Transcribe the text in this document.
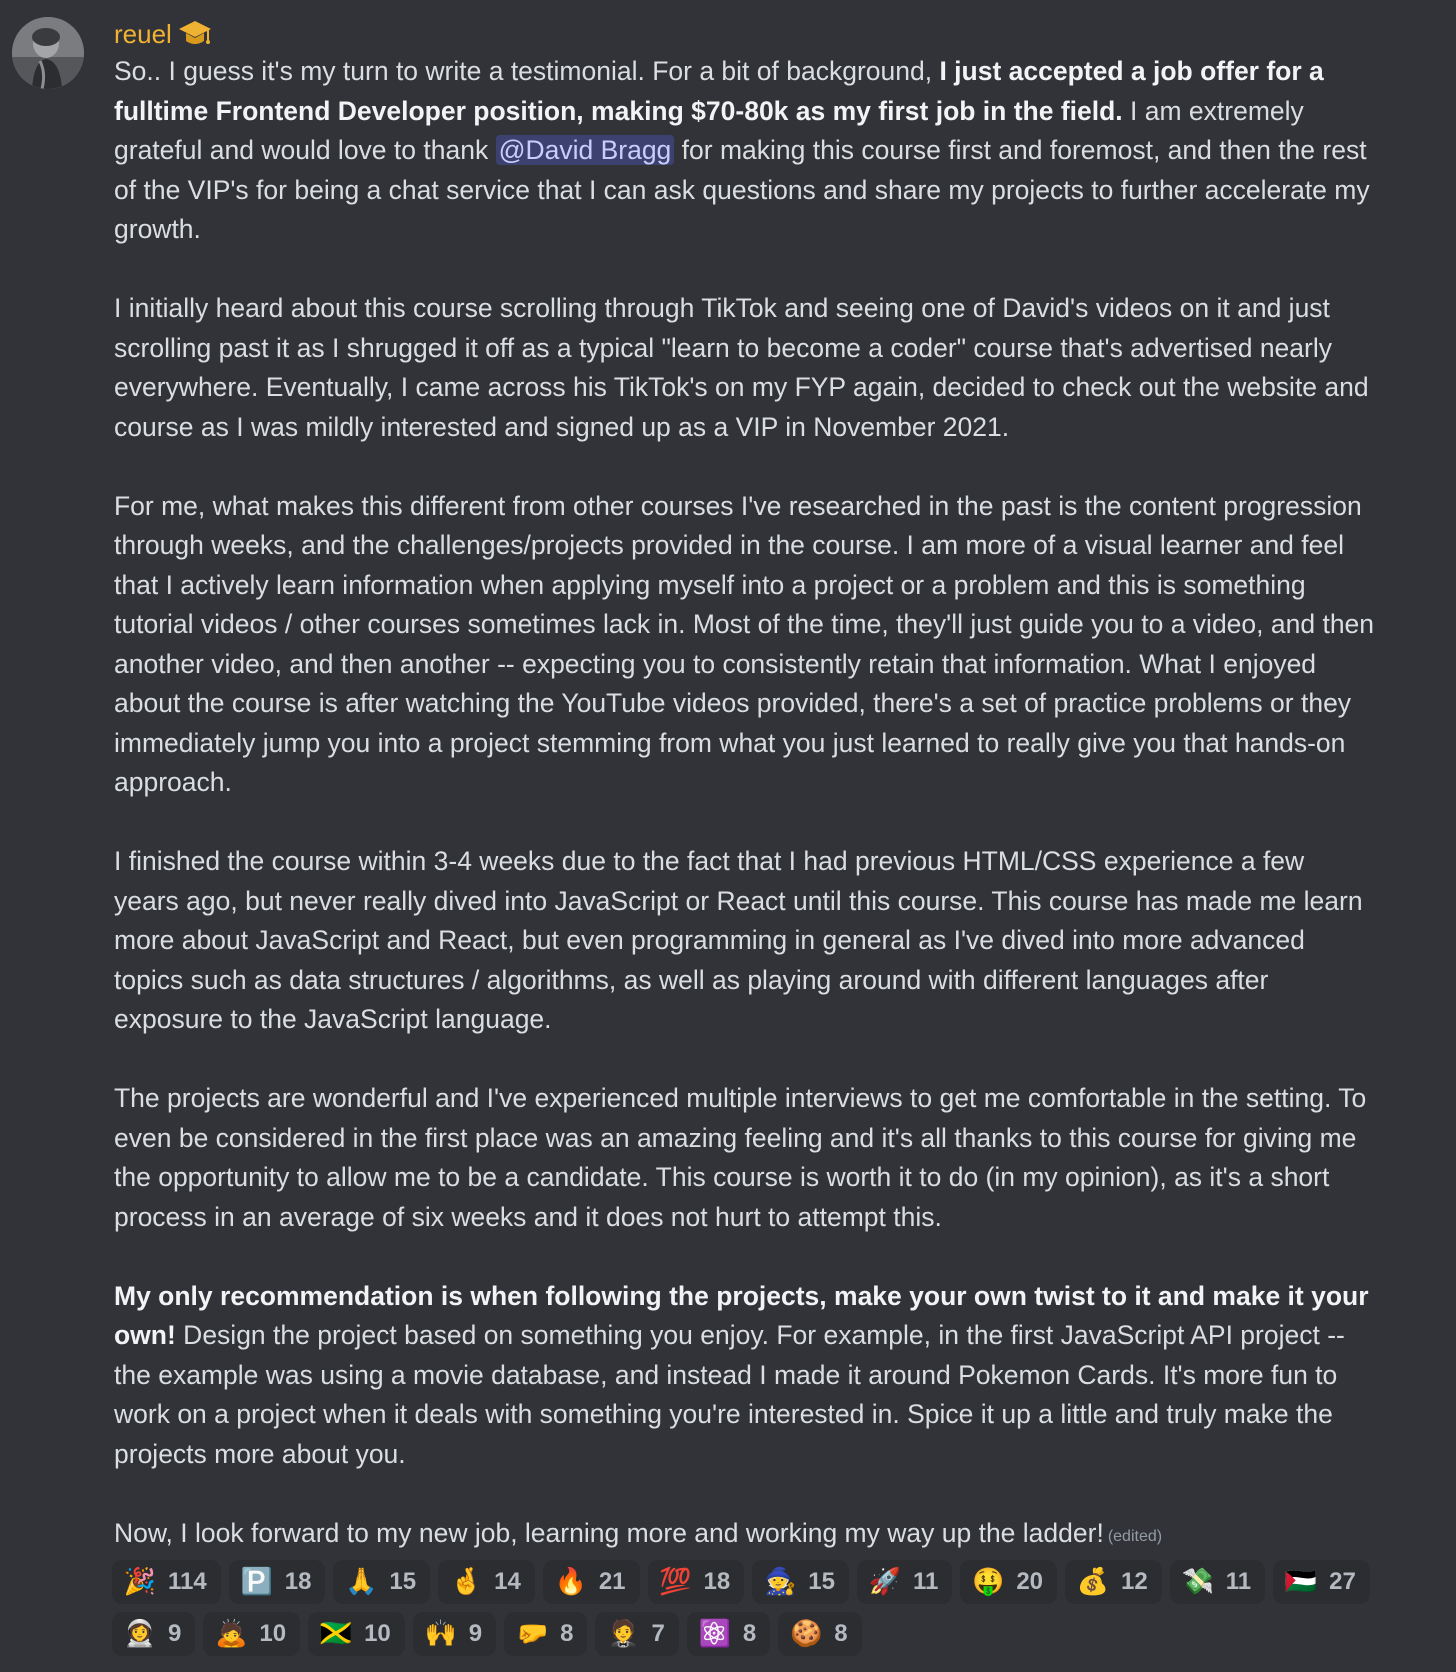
reuel

So.. I guess it's my turn to write a testimonial. For a bit of background, I just accepted a job offer for a fulltime Frontend Developer position, making $70-80k as my first job in the field. I am extremely grateful and would love to thank @David Bragg for making this course first and foremost, and then the rest of the VIP's for being a chat service that I can ask questions and share my projects to further accelerate my growth.

I initially heard about this course scrolling through TikTok and seeing one of David's videos on it and just scrolling past it as I shrugged it off as a typical "learn to become a coder" course that's advertised nearly everywhere. Eventually, I came across his TikTok's on my FYP again, decided to check out the website and course as I was mildly interested and signed up as a VIP in November 2021.

For me, what makes this different from other courses I've researched in the past is the content progression through weeks, and the challenges/projects provided in the course. I am more of a visual learner and feel that I actively learn information when applying myself into a project or a problem and this is something tutorial videos / other courses sometimes lack in. Most of the time, they'll just guide you to a video, and then another video, and then another -- expecting you to consistently retain that information. What I enjoyed about the course is after watching the YouTube videos provided, there's a set of practice problems or they immediately jump you into a project stemming from what you just learned to really give you that hands-on approach.

I finished the course within 3-4 weeks due to the fact that I had previous HTML/CSS experience a few years ago, but never really dived into JavaScript or React until this course. This course has made me learn more about JavaScript and React, but even programming in general as I've dived into more advanced topics such as data structures / algorithms, as well as playing around with different languages after exposure to the JavaScript language.

The projects are wonderful and I've experienced multiple interviews to get me comfortable in the setting. To even be considered in the first place was an amazing feeling and it's all thanks to this course for giving me the opportunity to allow me to be a candidate. This course is worth it to do (in my opinion), as it's a short process in an average of six weeks and it does not hurt to attempt this.

My only recommendation is when following the projects, make your own twist to it and make it your own! Design the project based on something you enjoy. For example, in the first JavaScript API project -- the example was using a movie database, and instead I made it around Pokemon Cards. It's more fun to work on a project when it deals with something you're interested in. Spice it up a little and truly make the projects more about you.

Now, I look forward to my new job, learning more and working my way up the ladder! (edited)

🎉 114 🅿️ 18 🙏 15 🤞 14 🔥 21 💯 18 🧙 15 🚀 11 🤑 20 💰 12 💸 11 🇵🇸 27
👩‍🚀 9 🙇 10 🇯🇲 10 🙌 9 🤛 8 🤵 7 ⚛️ 8 🍪 8
